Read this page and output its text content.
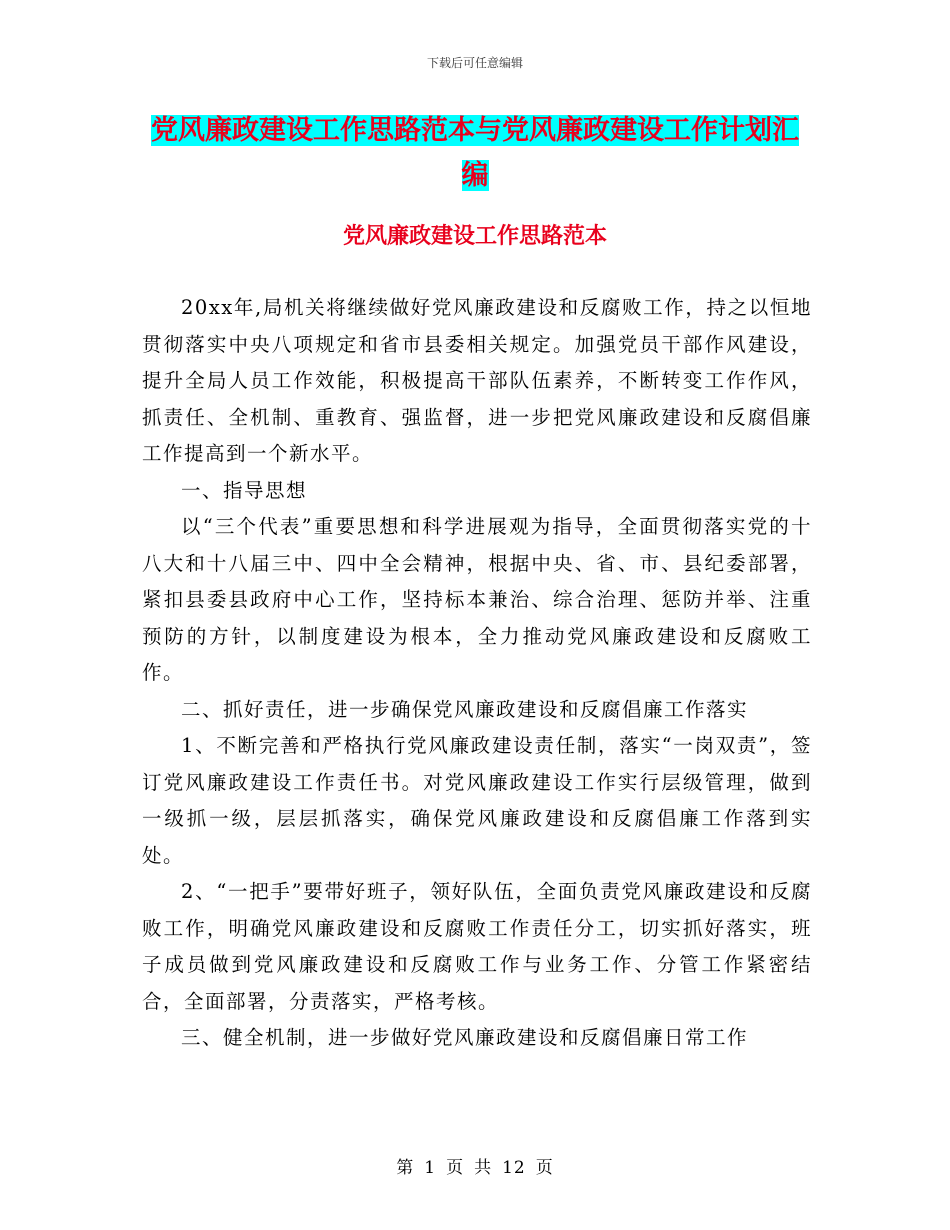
下载后可任意编辑
党风廉政建设工作思路范本与党风廉政建设工作计划汇编
党风廉政建设工作思路范本

20xx年,局机关将继续做好党风廉政建设和反腐败工作，持之以恒地贯彻落实中央八项规定和省市县委相关规定。加强党员干部作风建设，提升全局人员工作效能，积极提高干部队伍素养，不断转变工作作风，抓责任、全机制、重教育、强监督，进一步把党风廉政建设和反腐倡廉工作提高到一个新水平。

一、指导思想

以“三个代表”重要思想和科学进展观为指导，全面贯彻落实党的十八大和十八届三中、四中全会精神，根据中央、省、市、县纪委部署，紧扣县委县政府中心工作，坚持标本兼治、综合治理、惩防并举、注重预防的方针，以制度建设为根本，全力推动党风廉政建设和反腐败工作。

二、抓好责任，进一步确保党风廉政建设和反腐倡廉工作落实

1、不断完善和严格执行党风廉政建设责任制，落实“一岗双责”，签订党风廉政建设工作责任书。对党风廉政建设工作实行层级管理，做到一级抓一级，层层抓落实，确保党风廉政建设和反腐倡廉工作落到实处。

2、“一把手”要带好班子，领好队伍，全面负责党风廉政建设和反腐败工作，明确党风廉政建设和反腐败工作责任分工，切实抓好落实，班子成员做到党风廉政建设和反腐败工作与业务工作、分管工作紧密结合，全面部署，分责落实，严格考核。

三、健全机制，进一步做好党风廉政建设和反腐倡廉日常工作

第 1 页 共 12 页
